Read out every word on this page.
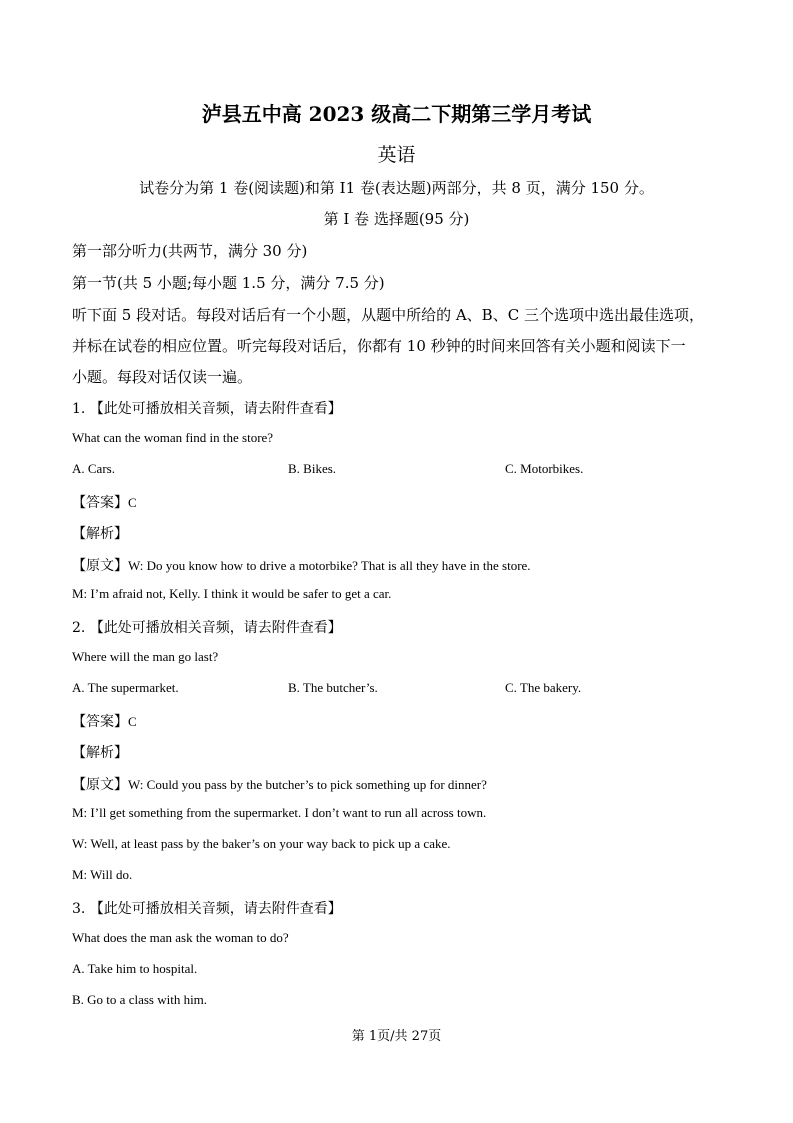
泸县五中高 2023 级高二下期第三学月考试
英语
试卷分为第 1 卷(阅读题)和第 I1 卷(表达题)两部分，共 8 页，满分 150 分。
第 I 卷 选择题(95 分)
第一部分听力(共两节，满分 30 分)
第一节(共 5 小题;每小题 1.5 分，满分 7.5 分)
听下面 5 段对话。每段对话后有一个小题，从题中所给的 A、B、C 三个选项中选出最佳选项，
并标在试卷的相应位置。听完每段对话后，你都有 10 秒钟的时间来回答有关小题和阅读下一
小题。每段对话仅读一遍。
1. 【此处可播放相关音频，请去附件查看】
What can the woman find in the store?
A. Cars.	B. Bikes.	C. Motorbikes.
【答案】C
【解析】
【原文】W: Do you know how to drive a motorbike? That is all they have in the store.
M: I’m afraid not, Kelly. I think it would be safer to get a car.
2. 【此处可播放相关音频，请去附件查看】
Where will the man go last?
A. The supermarket.	B. The butcher’s.	C. The bakery.
【答案】C
【解析】
【原文】W: Could you pass by the butcher’s to pick something up for dinner?
M: I’ll get something from the supermarket. I don’t want to run all across town.
W: Well, at least pass by the baker’s on your way back to pick up a cake.
M: Will do.
3. 【此处可播放相关音频，请去附件查看】
What does the man ask the woman to do?
A. Take him to hospital.
B. Go to a class with him.
第 1页/共 27页
